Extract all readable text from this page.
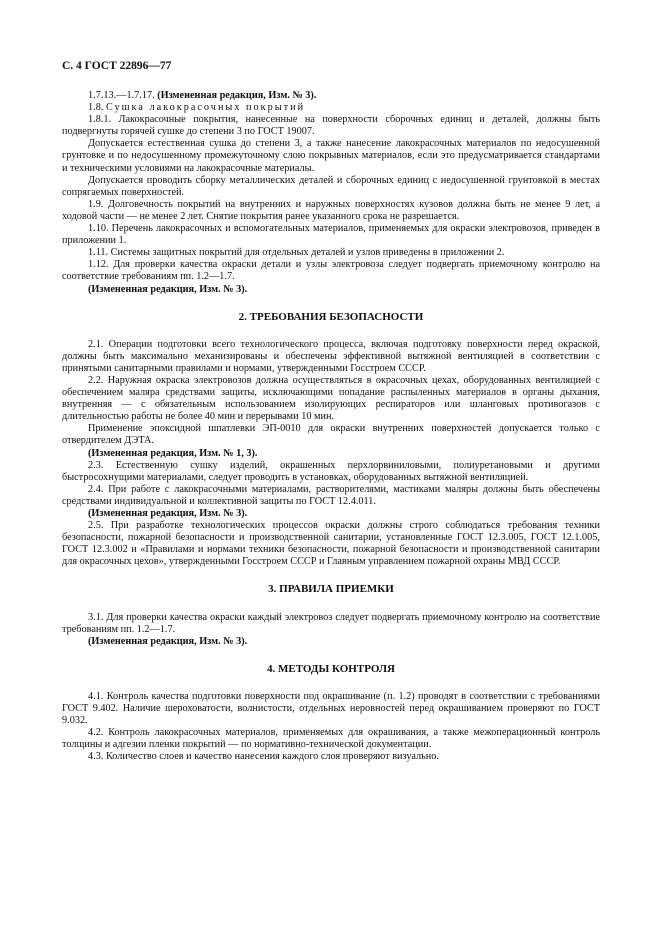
С. 4 ГОСТ 22896—77

1.7.13.—1.7.17. (Измененная редакция, Изм. № 3).

1.8. Сушка лакокрасочных покрытий

1.8.1. Лакокрасочные покрытия, нанесенные на поверхности сборочных единиц и деталей, должны быть подвергнуты горячей сушке до степени 3 по ГОСТ 19007.

Допускается естественная сушка до степени 3, а также нанесение лакокрасочных материалов по недосушенной грунтовке и по недосушенному промежуточному слою покрывных материалов, если это предусматривается стандартами и техническими условиями на лакокрасочные материалы.

Допускается проводить сборку металлических деталей и сборочных единиц с недосушенной грунтовкой в местах сопрягаемых поверхностей.

1.9. Долговечность покрытий на внутренних и наружных поверхностях кузовов должна быть не менее 9 лет, а ходовой части — не менее 2 лет. Снятие покрытия ранее указанного срока не разрешается.

1.10. Перечень лакокрасочных и вспомогательных материалов, применяемых для окраски электровозов, приведен в приложении 1.

1.11. Системы защитных покрытий для отдельных деталей и узлов приведены в приложении 2.

1.12. Для проверки качества окраски детали и узлы электровоза следует подвергать приемочному контролю на соответствие требованиям пп. 1.2—1.7.

(Измененная редакция, Изм. № 3).

2. ТРЕБОВАНИЯ БЕЗОПАСНОСТИ

2.1. Операции подготовки всего технологического процесса, включая подготовку поверхности перед окраской, должны быть максимально механизированы и обеспечены эффективной вытяжной вентиляцией в соответствии с принятыми санитарными правилами и нормами, утвержденными Госстроем СССР.

2.2. Наружная окраска электровозов должна осуществляться в окрасочных цехах, оборудованных вентиляцией с обеспечением маляра средствами защиты, исключающими попадание распыленных материалов в органы дыхания, внутренняя — с обязательным использованием изолирующих респираторов или шланговых противогазов с длительностью работы не более 40 мин и перерывами 10 мин.

Применение эпоксидной шпатлевки ЭП-0010 для окраски внутренних поверхностей допускается только с отвердителем ДЭТА.

(Измененная редакция, Изм. № 1, 3).

2.3. Естественную сушку изделий, окрашенных перхлорвиниловыми, полиуретановыми и другими быстросохнущими материалами, следует проводить в установках, оборудованных вытяжной вентиляцией.

2.4. При работе с лакокрасочными материалами, растворителями, мастиками маляры должны быть обеспечены средствами индивидуальной и коллективной защиты по ГОСТ 12.4.011.

(Измененная редакция, Изм. № 3).

2.5. При разработке технологических процессов окраски должны строго соблюдаться требования техники безопасности, пожарной безопасности и производственной санитарии, установленные ГОСТ 12.3.005, ГОСТ 12.1.005, ГОСТ 12.3.002 и «Правилами и нормами техники безопасности, пожарной безопасности и производственной санитарии для окрасочных цехов», утвержденными Госстроем СССР и Главным управлением пожарной охраны МВД СССР.

3. ПРАВИЛА ПРИЕМКИ

3.1. Для проверки качества окраски каждый электровоз следует подвергать приемочному контролю на соответствие требованиям пп. 1.2—1.7.

(Измененная редакция, Изм. № 3).

4. МЕТОДЫ КОНТРОЛЯ

4.1. Контроль качества подготовки поверхности под окрашивание (п. 1.2) проводят в соответствии с требованиями ГОСТ 9.402. Наличие шероховатости, волнистости, отдельных неровностей перед окрашиванием проверяют по ГОСТ 9.032.

4.2. Контроль лакокрасочных материалов, применяемых для окрашивания, а также межоперационный контроль толщины и адгезии пленки покрытий — по нормативно-технической документации.

4.3. Количество слоев и качество нанесения каждого слоя проверяют визуально.
